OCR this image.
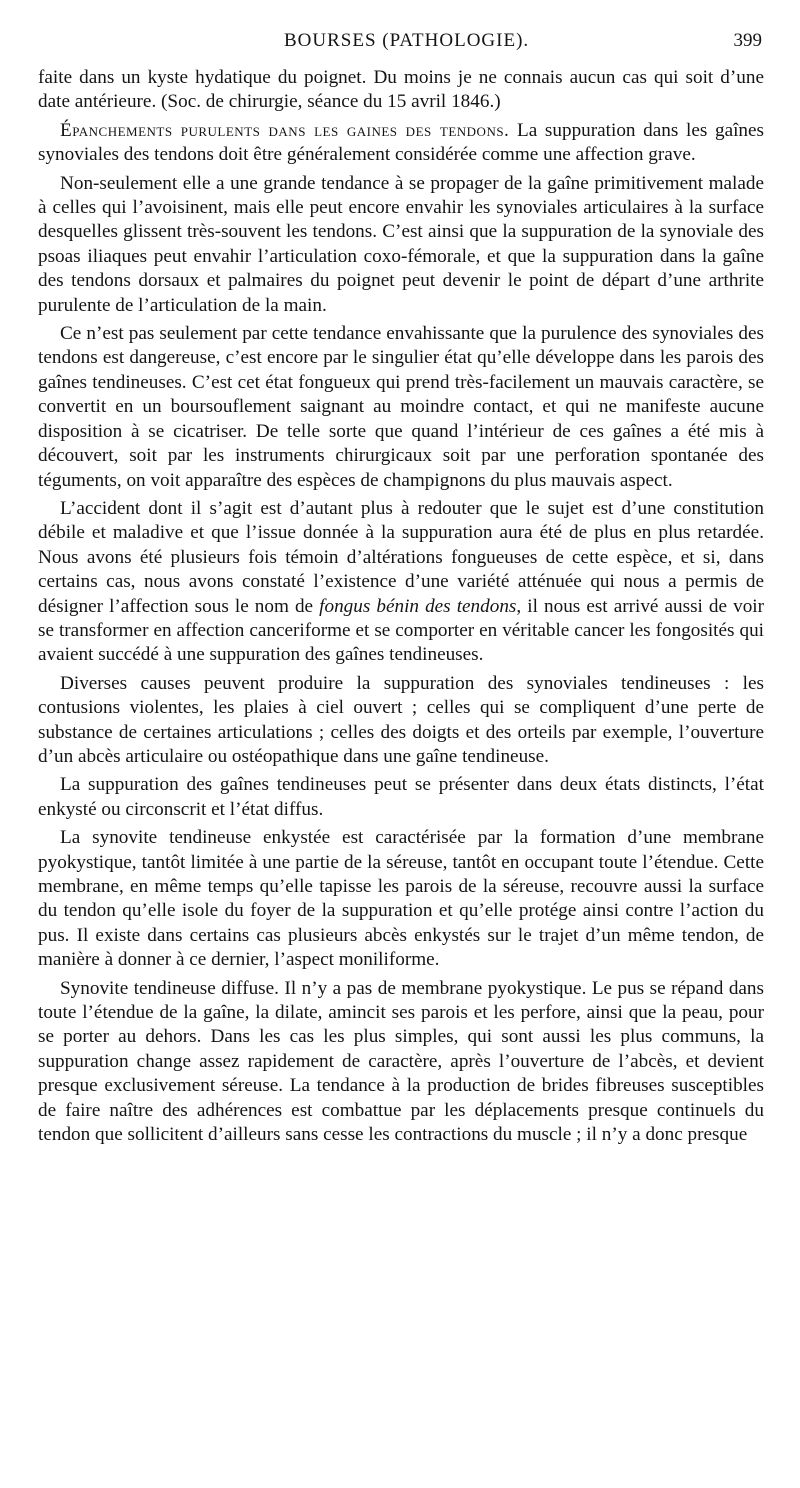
BOURSES (PATHOLOGIE).	399

faite dans un kyste hydatique du poignet. Du moins je ne connais aucun cas qui soit d’une date antérieure. (Soc. de chirurgie, séance du 15 avril 1846.)

Épanchements purulents dans les gaines des tendons. La suppuration dans les gaînes synoviales des tendons doit être généralement considérée comme une affection grave.

Non-seulement elle a une grande tendance à se propager de la gaîne primitivement malade à celles qui l’avoisinent, mais elle peut encore envahir les synoviales articulaires à la surface desquelles glissent très-souvent les tendons. C’est ainsi que la suppuration de la synoviale des psoas iliaques peut envahir l’articulation coxo-fémorale, et que la suppuration dans la gaîne des tendons dorsaux et palmaires du poignet peut devenir le point de départ d’une arthrite purulente de l’articulation de la main.

Ce n’est pas seulement par cette tendance envahissante que la purulence des synoviales des tendons est dangereuse, c’est encore par le singulier état qu’elle développe dans les parois des gaînes tendineuses. C’est cet état fongueux qui prend très-facilement un mauvais caractère, se convertit en un boursouflement saignant au moindre contact, et qui ne manifeste aucune disposition à se cicatriser. De telle sorte que quand l’intérieur de ces gaînes a été mis à découvert, soit par les instruments chirurgicaux soit par une perforation spontanée des téguments, on voit apparaître des espèces de champignons du plus mauvais aspect.

L’accident dont il s’agit est d’autant plus à redouter que le sujet est d’une constitution débile et maladive et que l’issue donnée à la suppuration aura été de plus en plus retardée. Nous avons été plusieurs fois témoin d’altérations fongueuses de cette espèce, et si, dans certains cas, nous avons constaté l’existence d’une variété atténuée qui nous a permis de désigner l’affection sous le nom de fongus bénin des tendons, il nous est arrivé aussi de voir se transformer en affection canceriforme et se comporter en véritable cancer les fongosités qui avaient succédé à une suppuration des gaînes tendineuses.

Diverses causes peuvent produire la suppuration des synoviales tendineuses : les contusions violentes, les plaies à ciel ouvert ; celles qui se compliquent d’une perte de substance de certaines articulations ; celles des doigts et des orteils par exemple, l’ouverture d’un abcès articulaire ou ostéopathique dans une gaîne tendineuse.

La suppuration des gaînes tendineuses peut se présenter dans deux états distincts, l’état enkysté ou circonscrit et l’état diffus.

La synovite tendineuse enkystée est caractérisée par la formation d’une membrane pyokystique, tantôt limitée à une partie de la séreuse, tantôt en occupant toute l’étendue. Cette membrane, en même temps qu’elle tapisse les parois de la séreuse, recouvre aussi la surface du tendon qu’elle isole du foyer de la suppuration et qu’elle protége ainsi contre l’action du pus. Il existe dans certains cas plusieurs abcès enkystés sur le trajet d’un même tendon, de manière à donner à ce dernier, l’aspect moniliforme.

Synovite tendineuse diffuse. Il n’y a pas de membrane pyokystique. Le pus se répand dans toute l’étendue de la gaîne, la dilate, amincit ses parois et les perfore, ainsi que la peau, pour se porter au dehors. Dans les cas les plus simples, qui sont aussi les plus communs, la suppuration change assez rapidement de caractère, après l’ouverture de l’abcès, et devient presque exclusivement séreuse. La tendance à la production de brides fibreuses susceptibles de faire naître des adhérences est combattue par les déplacements presque continuels du tendon que sollicitent d’ailleurs sans cesse les contractions du muscle ; il n’y a donc presque
